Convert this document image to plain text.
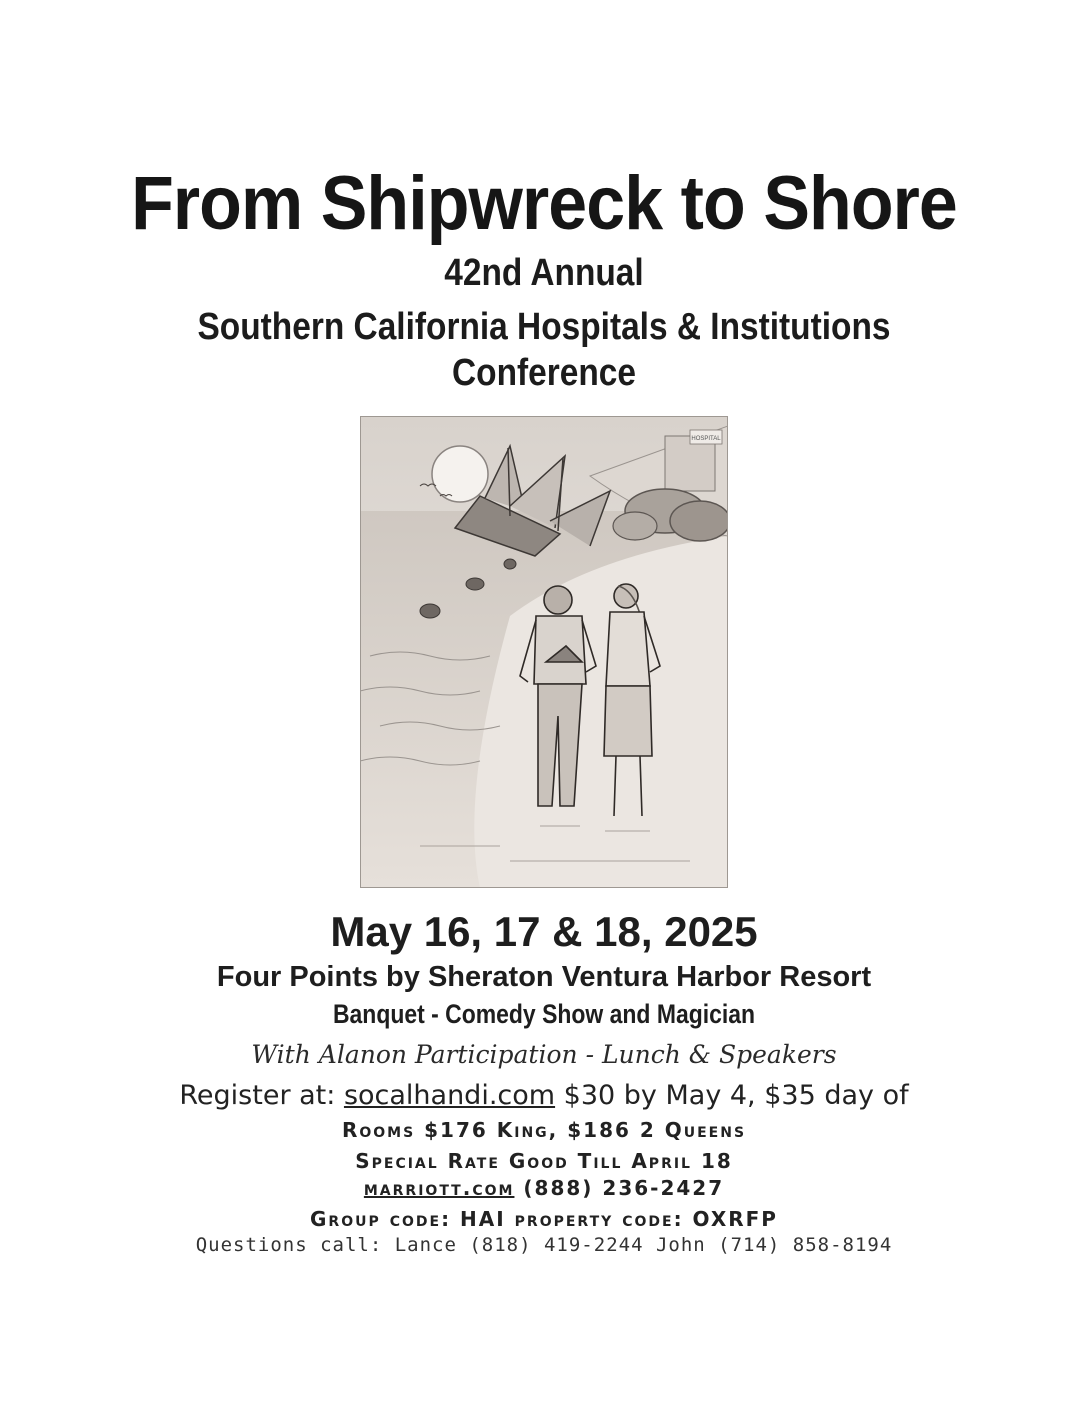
From Shipwreck to Shore
42nd Annual
Southern California Hospitals & Institutions
Conference
HOSPITAL
May 16, 17 & 18, 2025
Four Points by Sheraton Ventura Harbor Resort
Banquet - Comedy Show and Magician
With Alanon Participation - Lunch & Speakers
Register at: socalhandi.com $30 by May 4, $35 day of
Rooms $176 King, $186 2 Queens
Special Rate Good Till April 18
marriott.com (888) 236-2427
Group code: HAI property code: OXRFP
Questions call: Lance (818) 419-2244 John (714) 858-8194
